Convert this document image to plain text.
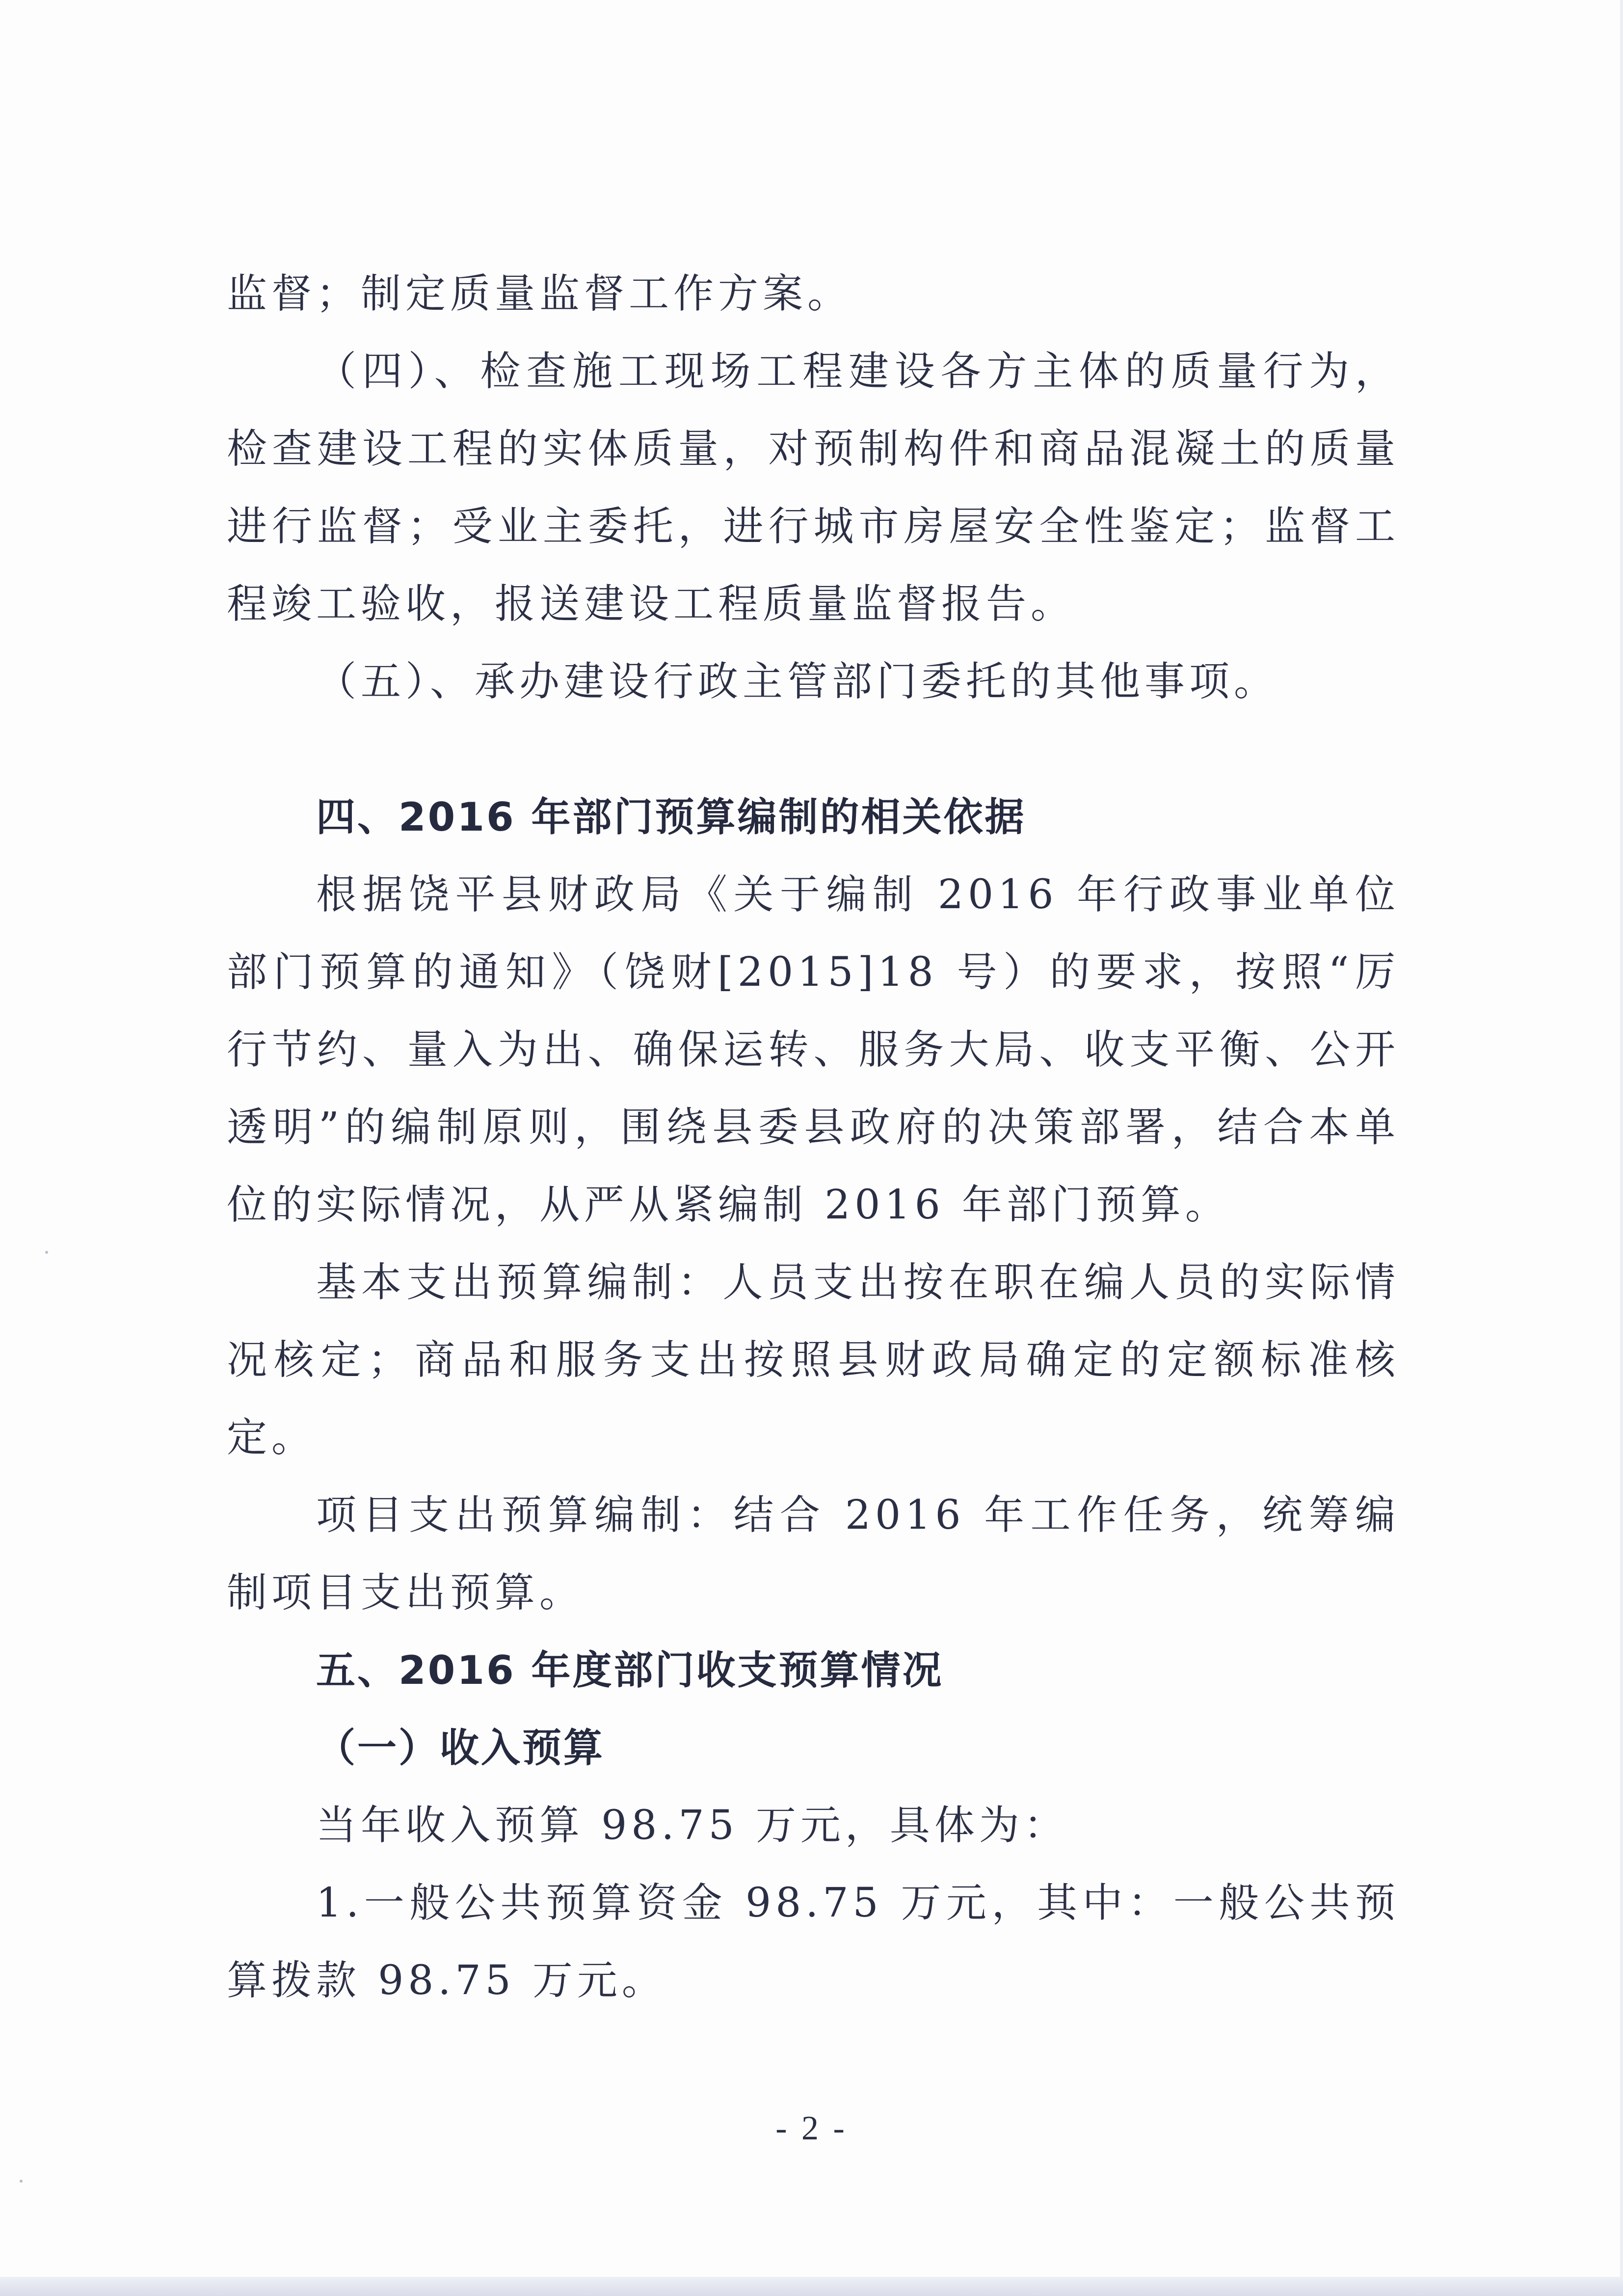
监督；制定质量监督工作方案。

（四）、检查施工现场工程建设各方主体的质量行为，检查建设工程的实体质量，对预制构件和商品混凝土的质量进行监督；受业主委托，进行城市房屋安全性鉴定；监督工程竣工验收，报送建设工程质量监督报告。

（五）、承办建设行政主管部门委托的其他事项。

四、2016 年部门预算编制的相关依据

根据饶平县财政局《关于编制 2016 年行政事业单位部门预算的通知》（饶财[2015]18 号）的要求，按照“厉行节约、量入为出、确保运转、服务大局、收支平衡、公开透明”的编制原则，围绕县委县政府的决策部署，结合本单位的实际情况，从严从紧编制 2016 年部门预算。

基本支出预算编制：人员支出按在职在编人员的实际情况核定；商品和服务支出按照县财政局确定的定额标准核定。

项目支出预算编制：结合 2016 年工作任务，统筹编制项目支出预算。

五、2016 年度部门收支预算情况
（一）收入预算

当年收入预算 98.75 万元，具体为：

1.一般公共预算资金 98.75 万元，其中：一般公共预算拨款 98.75 万元。

- 2 -
